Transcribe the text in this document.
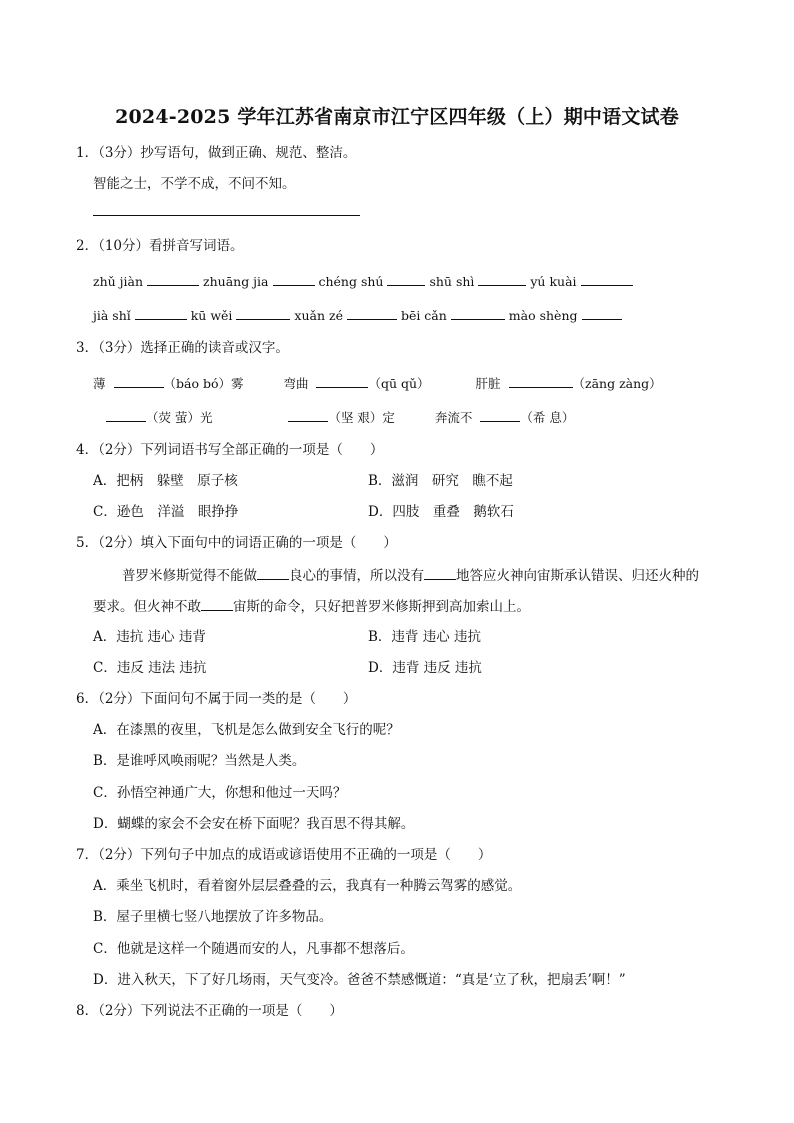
2024-2025 学年江苏省南京市江宁区四年级（上）期中语文试卷
1．（3分）抄写语句，做到正确、规范、整洁。
智能之士，不学不成，不问不知。
2．（10分）看拼音写词语。
zhǔ jiàn	zhuāng jia	chéng shú	shū shì	yú kuài
jià shǐ	kū wěi	xuǎn zé	bēi cǎn	mào shèng
3．（3分）选择正确的读音或汉字。
薄	（báo bó）雾	弯曲	（qū qǔ）	肝脏	（zāng zàng）
（荧 萤）光	（坚 艰）定	奔流不	（希 息）
4．（2分）下列词语书写全部正确的一项是（　　）
A．把柄　躲壁　原子核	B．滋润　研究　瞧不起
C．逊色　洋溢　眼挣挣	D．四肢　重叠　鹅软石
5．（2分）填入下面句中的词语正确的一项是（　　）
普罗米修斯觉得不能做 良心的事情，所以没有 地答应火神向宙斯承认错误、归还火种的
要求。但火神不敢 宙斯的命令，只好把普罗米修斯押到高加索山上。
A．违抗 违心 违背	B．违背 违心 违抗
C．违反 违法 违抗	D．违背 违反 违抗
6．（2分）下面问句不属于同一类的是（　　）
A．在漆黑的夜里，飞机是怎么做到安全飞行的呢？
B．是谁呼风唤雨呢？当然是人类。
C．孙悟空神通广大，你想和他过一天吗？
D．蝴蝶的家会不会安在桥下面呢？我百思不得其解。
7．（2分）下列句子中加点的成语或谚语使用不正确的一项是（　　）
A．乘坐飞机时，看着窗外层层叠叠的云，我真有一种腾云驾雾的感觉。
B．屋子里横七竖八地摆放了许多物品。
C．他就是这样一个随遇而安的人，凡事都不想落后。
D．进入秋天，下了好几场雨，天气变冷。爸爸不禁感慨道：“真是‘立了秋，把扇丢’啊！”
8．（2分）下列说法不正确的一项是（　　）
